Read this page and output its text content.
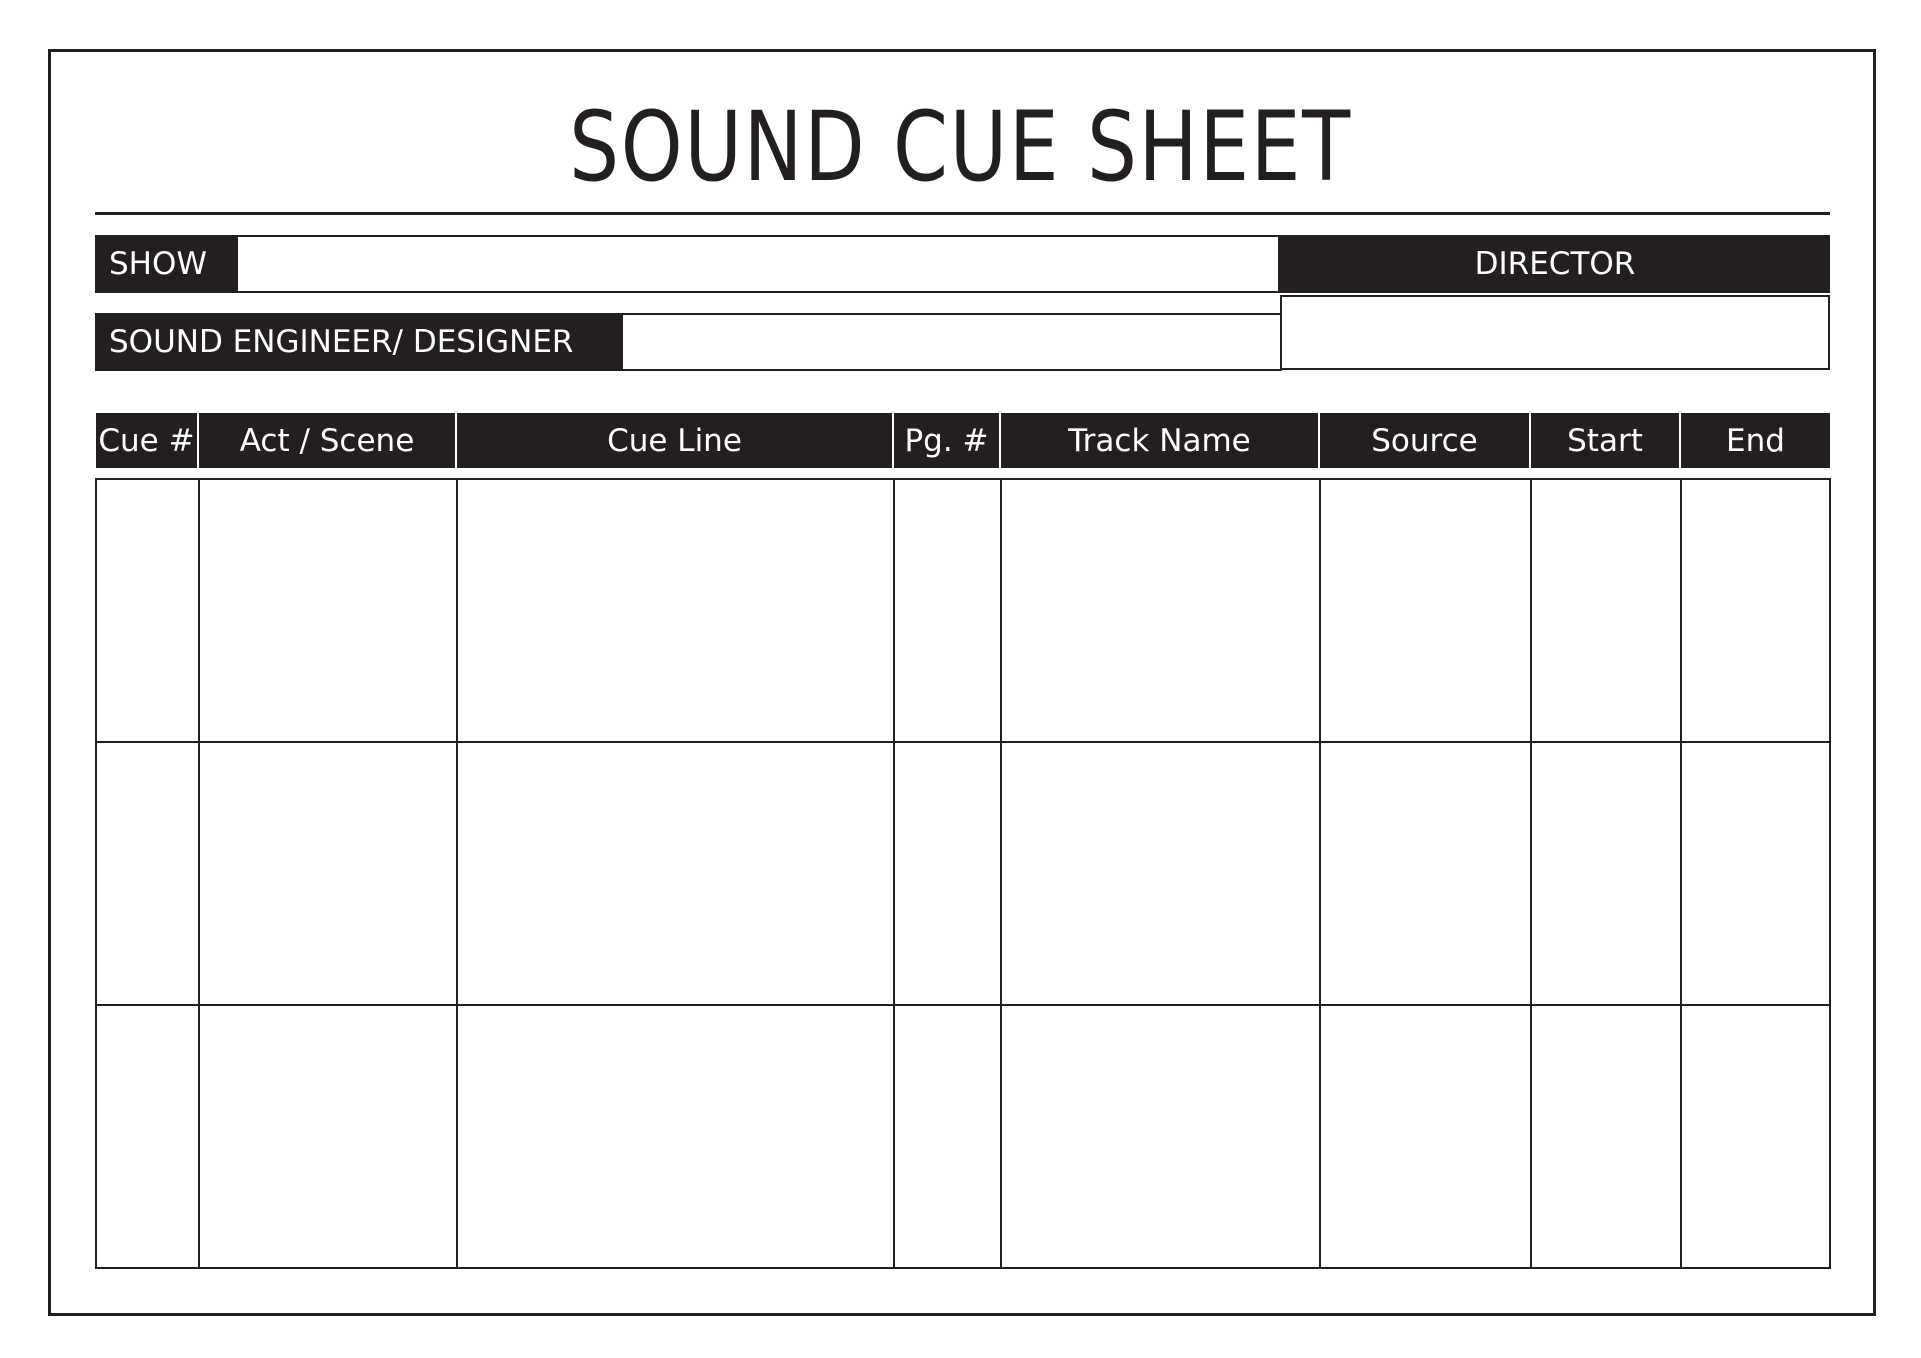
SOUND CUE SHEET
SHOW	DIRECTOR
SOUND ENGINEER/ DESIGNER
Cue #	Act / Scene	Cue Line	Pg. #	Track Name	Source	Start	End
